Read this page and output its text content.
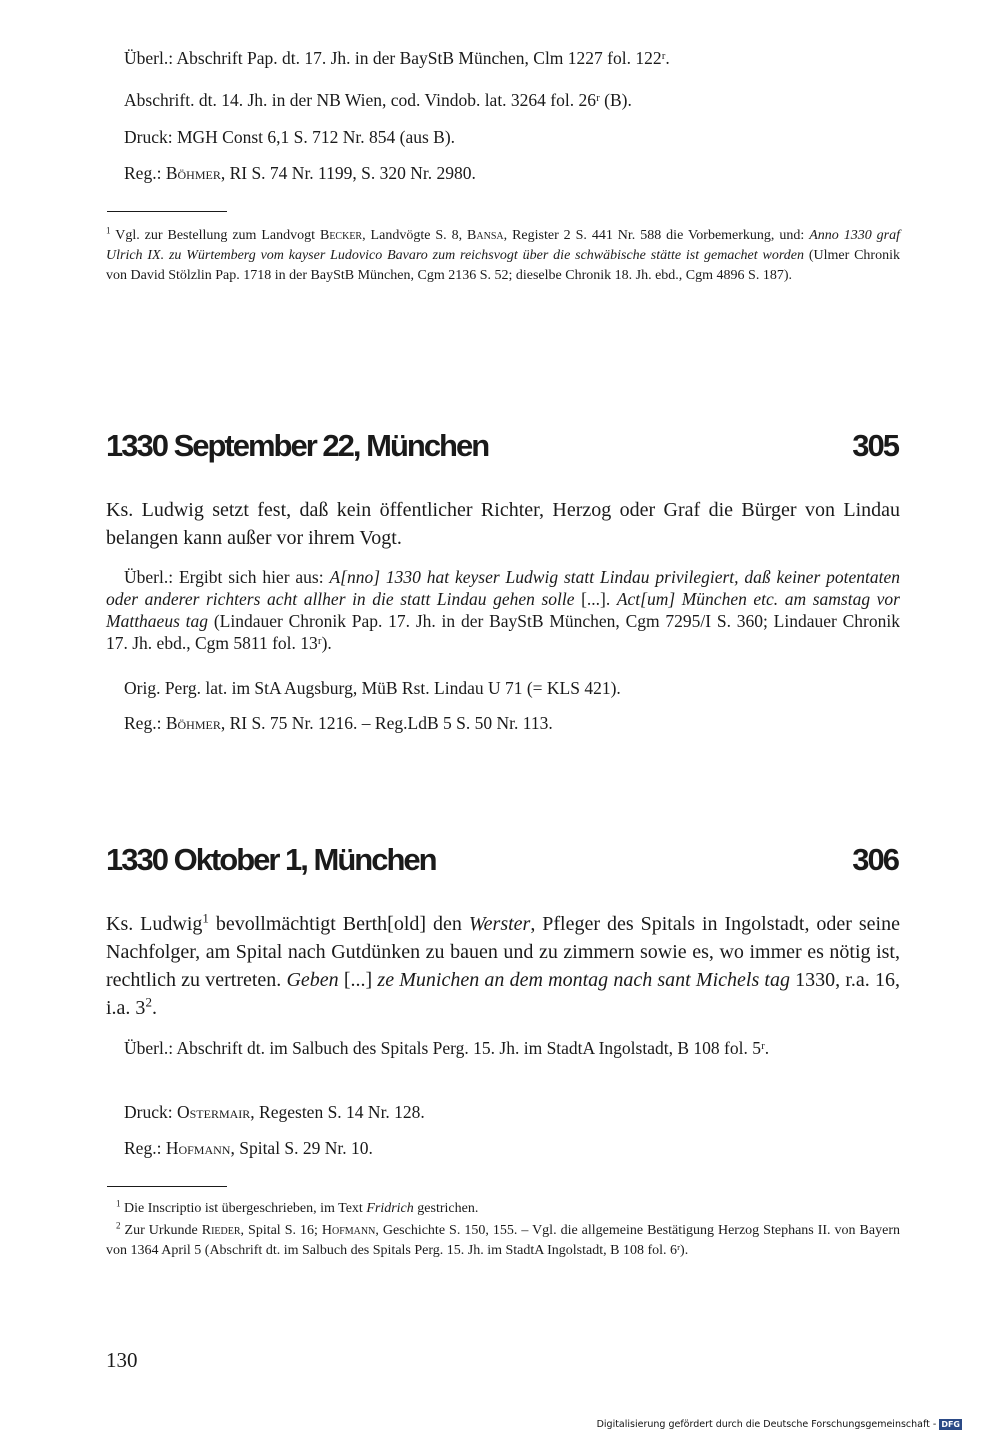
Überl.: Abschrift Pap. dt. 17. Jh. in der BayStB München, Clm 1227 fol. 122ʳ.
Abschrift. dt. 14. Jh. in der NB Wien, cod. Vindob. lat. 3264 fol. 26ʳ (B).
Druck: MGH Const 6,1 S. 712 Nr. 854 (aus B).
Reg.: Böhmer, RI S. 74 Nr. 1199, S. 320 Nr. 2980.
$^1$ Vgl. zur Bestellung zum Landvogt Becker, Landvögte S. 8, Bansa, Register 2 S. 441 Nr. 588 die Vorbemerkung, und: Anno 1330 graf Ulrich IX. zu Würtemberg vom kayser Ludovico Bavaro zum reichsvogt über die schwäbische stätte ist gemachet worden (Ulmer Chronik von David Stölzlin Pap. 1718 in der BayStB München, Cgm 2136 S. 52; dieselbe Chronik 18. Jh. ebd., Cgm 4896 S. 187).
1330 September 22, München	305
Ks. Ludwig setzt fest, daß kein öffentlicher Richter, Herzog oder Graf die Bürger von Lindau belangen kann außer vor ihrem Vogt.
Überl.: Ergibt sich hier aus: A[nno] 1330 hat keyser Ludwig statt Lindau privilegiert, daß keiner potentaten oder anderer richters acht allher in die statt Lindau gehen solle [...]. Act[um] München etc. am samstag vor Matthaeus tag (Lindauer Chronik Pap. 17. Jh. in der BayStB München, Cgm 7295/I S. 360; Lindauer Chronik 17. Jh. ebd., Cgm 5811 fol. 13ʳ).
Orig. Perg. lat. im StA Augsburg, MüB Rst. Lindau U 71 (= KLS 421).
Reg.: Böhmer, RI S. 75 Nr. 1216. – Reg.LdB 5 S. 50 Nr. 113.
1330 Oktober 1, München	306
Ks. Ludwig$^1$ bevollmächtigt Berth[old] den Werster, Pfleger des Spitals in Ingolstadt, oder seine Nachfolger, am Spital nach Gutdünken zu bauen und zu zimmern sowie es, wo immer es nötig ist, rechtlich zu vertreten. Geben [...] ze Munichen an dem montag nach sant Michels tag 1330, r.a. 16, i.a. $3^2$.
Überl.: Abschrift dt. im Salbuch des Spitals Perg. 15. Jh. im StadtA Ingolstadt, B 108 fol. 5ʳ.
Druck: Ostermair, Regesten S. 14 Nr. 128.
Reg.: Hofmann, Spital S. 29 Nr. 10.
$^1$ Die Inscriptio ist übergeschrieben, im Text Fridrich gestrichen.
$^2$ Zur Urkunde Rieder, Spital S. 16; Hofmann, Geschichte S. 150, 155. – Vgl. die allgemeine Bestätigung Herzog Stephans II. von Bayern von 1364 April 5 (Abschrift dt. im Salbuch des Spitals Perg. 15. Jh. im StadtA Ingolstadt, B 108 fol. 6ʳ).
130
Digitalisierung gefördert durch die Deutsche Forschungsgemeinschaft - DFG
